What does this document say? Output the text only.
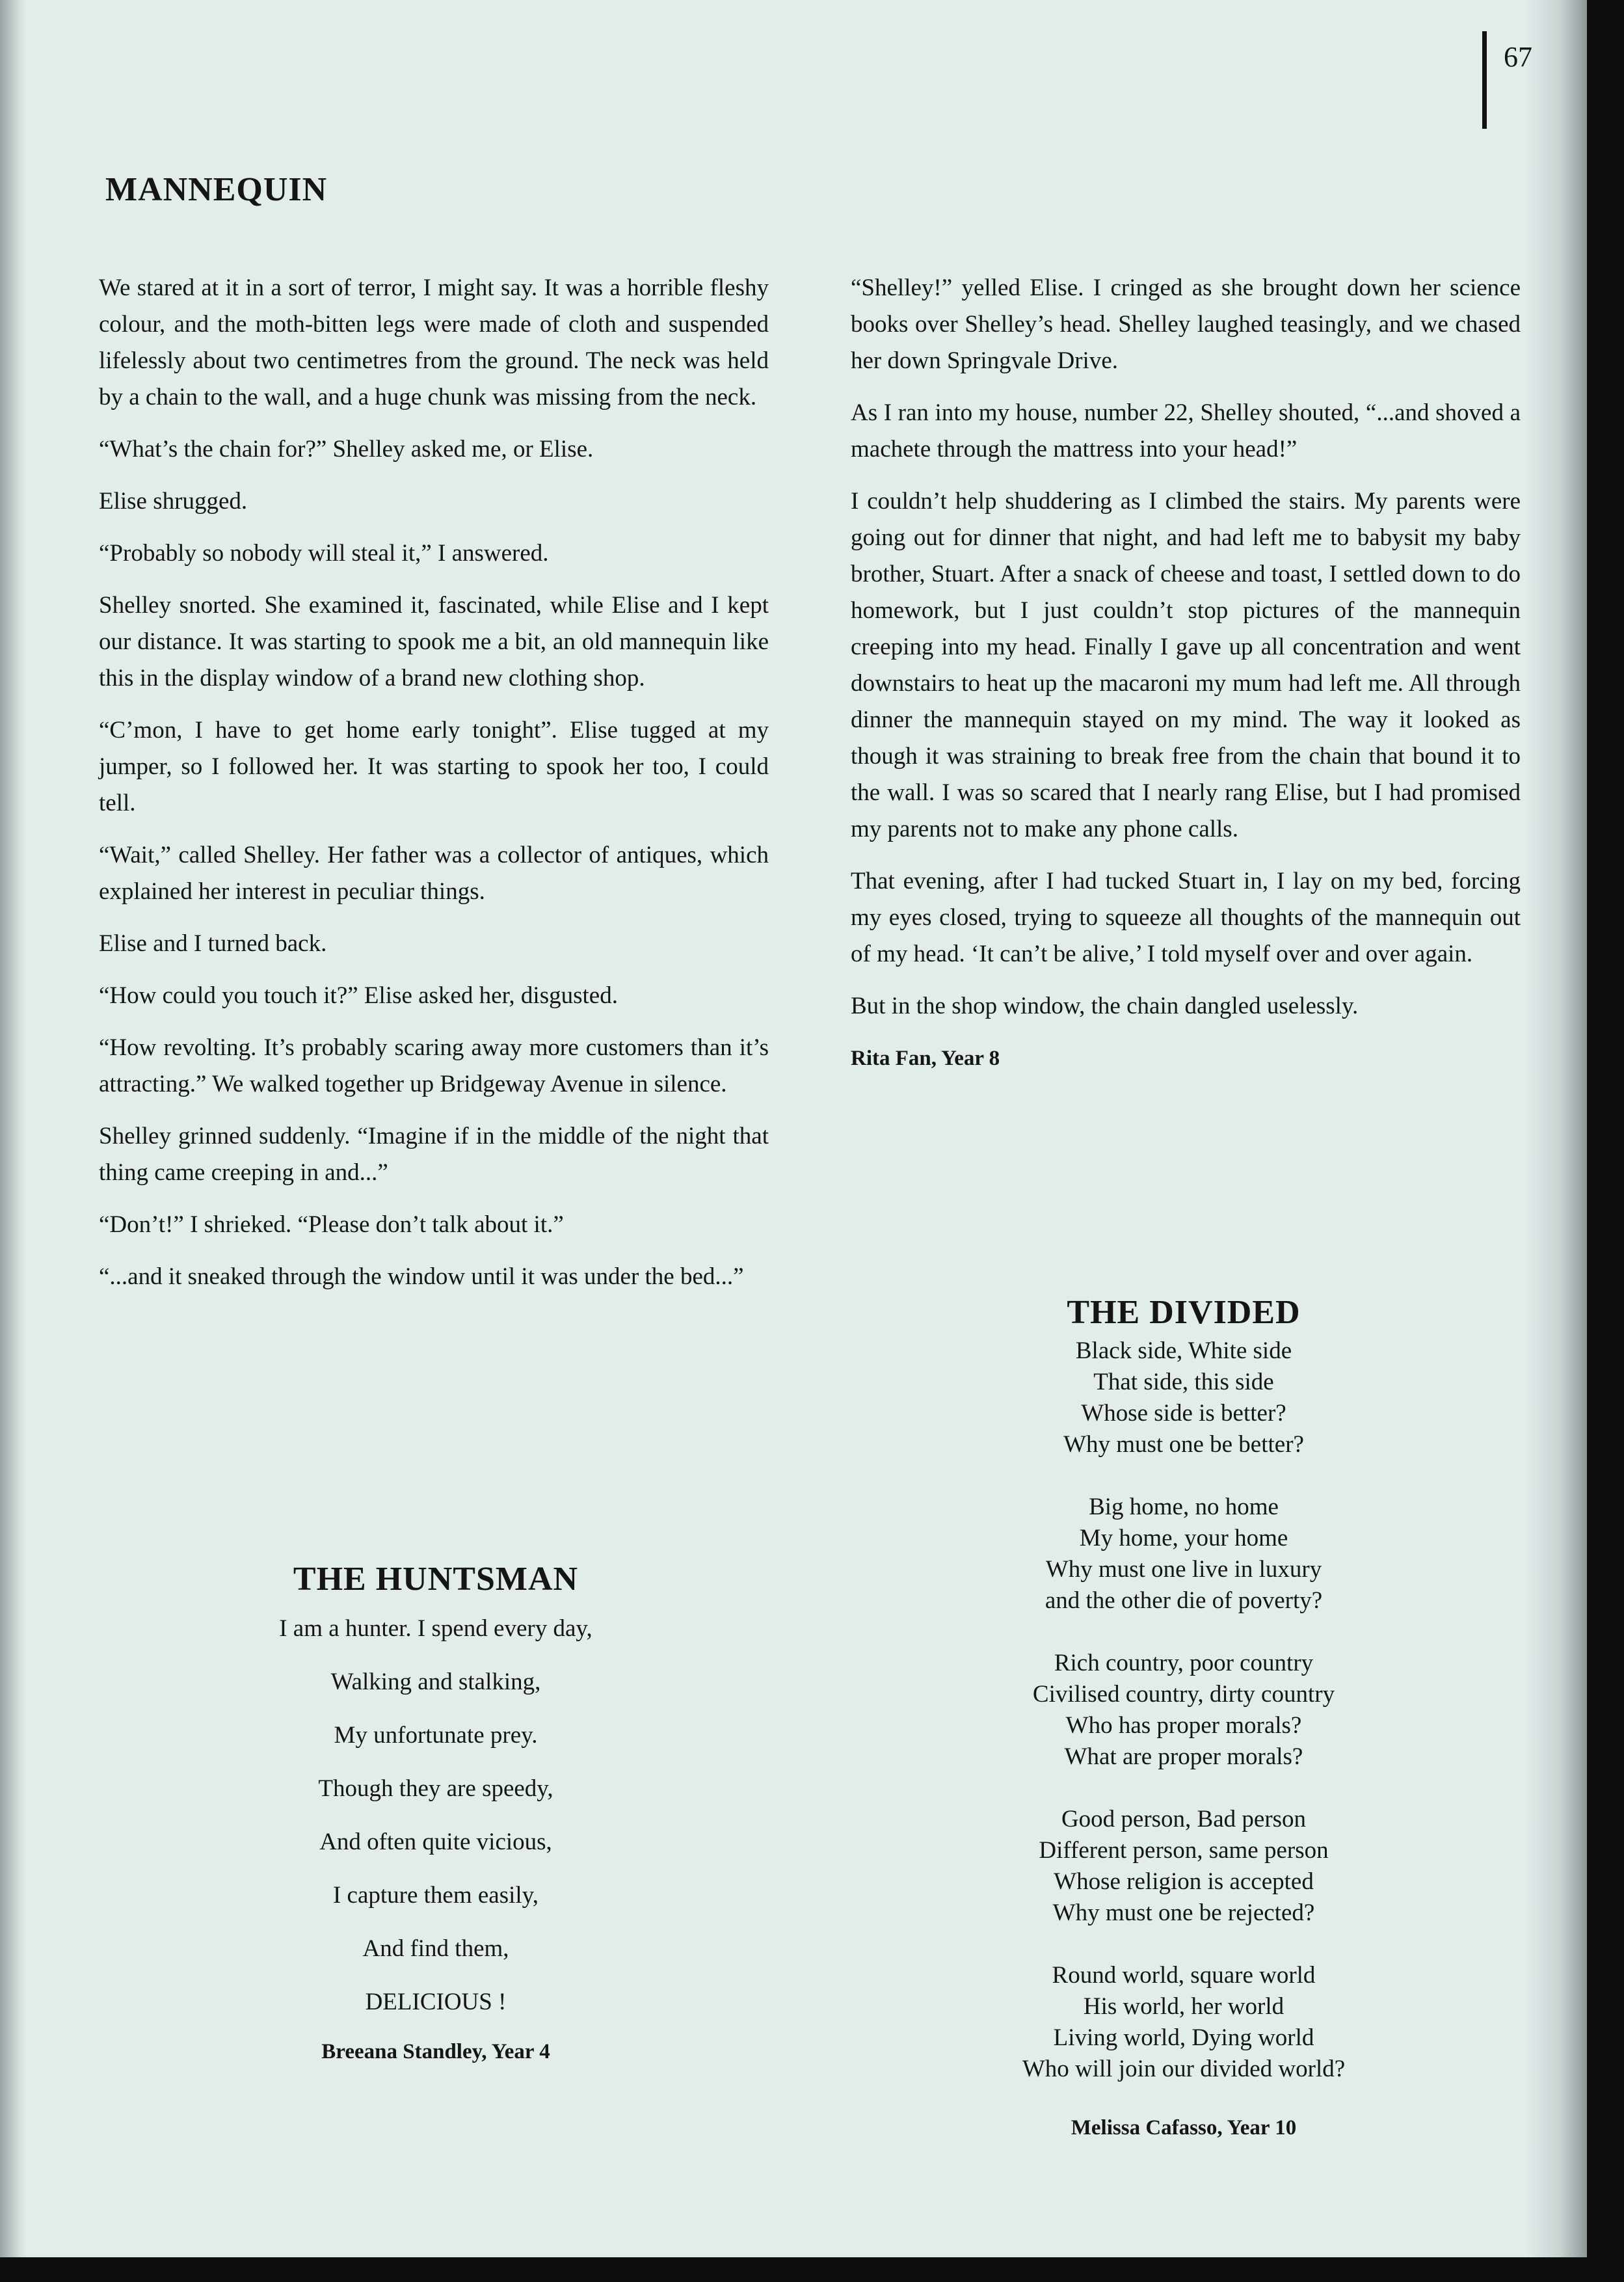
67
MANNEQUIN

We stared at it in a sort of terror, I might say. It was a horrible fleshy colour, and the moth-bitten legs were made of cloth and suspended lifelessly about two centimetres from the ground. The neck was held by a chain to the wall, and a huge chunk was missing from the neck.

“What’s the chain for?” Shelley asked me, or Elise.

Elise shrugged.

“Probably so nobody will steal it,” I answered.

Shelley snorted. She examined it, fascinated, while Elise and I kept our distance. It was starting to spook me a bit, an old mannequin like this in the display window of a brand new clothing shop.

“C’mon, I have to get home early tonight”. Elise tugged at my jumper, so I followed her. It was starting to spook her too, I could tell.

“Wait,” called Shelley. Her father was a collector of antiques, which explained her interest in peculiar things.

Elise and I turned back.

“How could you touch it?” Elise asked her, disgusted.

“How revolting. It’s probably scaring away more customers than it’s attracting.” We walked together up Bridgeway Avenue in silence.

Shelley grinned suddenly. “Imagine if in the middle of the night that thing came creeping in and...”

“Don’t!” I shrieked. “Please don’t talk about it.”

“...and it sneaked through the window until it was under the bed...”

“Shelley!” yelled Elise. I cringed as she brought down her science books over Shelley’s head. Shelley laughed teasingly, and we chased her down Springvale Drive.

As I ran into my house, number 22, Shelley shouted, “...and shoved a machete through the mattress into your head!”

I couldn’t help shuddering as I climbed the stairs. My parents were going out for dinner that night, and had left me to babysit my baby brother, Stuart. After a snack of cheese and toast, I settled down to do homework, but I just couldn’t stop pictures of the mannequin creeping into my head. Finally I gave up all concentration and went downstairs to heat up the macaroni my mum had left me. All through dinner the mannequin stayed on my mind. The way it looked as though it was straining to break free from the chain that bound it to the wall. I was so scared that I nearly rang Elise, but I had promised my parents not to make any phone calls.

That evening, after I had tucked Stuart in, I lay on my bed, forcing my eyes closed, trying to squeeze all thoughts of the mannequin out of my head. ‘It can’t be alive,’ I told myself over and over again.

But in the shop window, the chain dangled uselessly.

Rita Fan, Year 8

THE HUNTSMAN
I am a hunter. I spend every day,
Walking and stalking,
My unfortunate prey.
Though they are speedy,
And often quite vicious,
I capture them easily,
And find them,
DELICIOUS !
Breeana Standley, Year 4
THE DIVIDED
Black side, White side
That side, this side
Whose side is better?
Why must one be better?
Big home, no home
My home, your home
Why must one live in luxury
and the other die of poverty?
Rich country, poor country
Civilised country, dirty country
Who has proper morals?
What are proper morals?
Good person, Bad person
Different person, same person
Whose religion is accepted
Why must one be rejected?
Round world, square world
His world, her world
Living world, Dying world
Who will join our divided world?
Melissa Cafasso, Year 10
